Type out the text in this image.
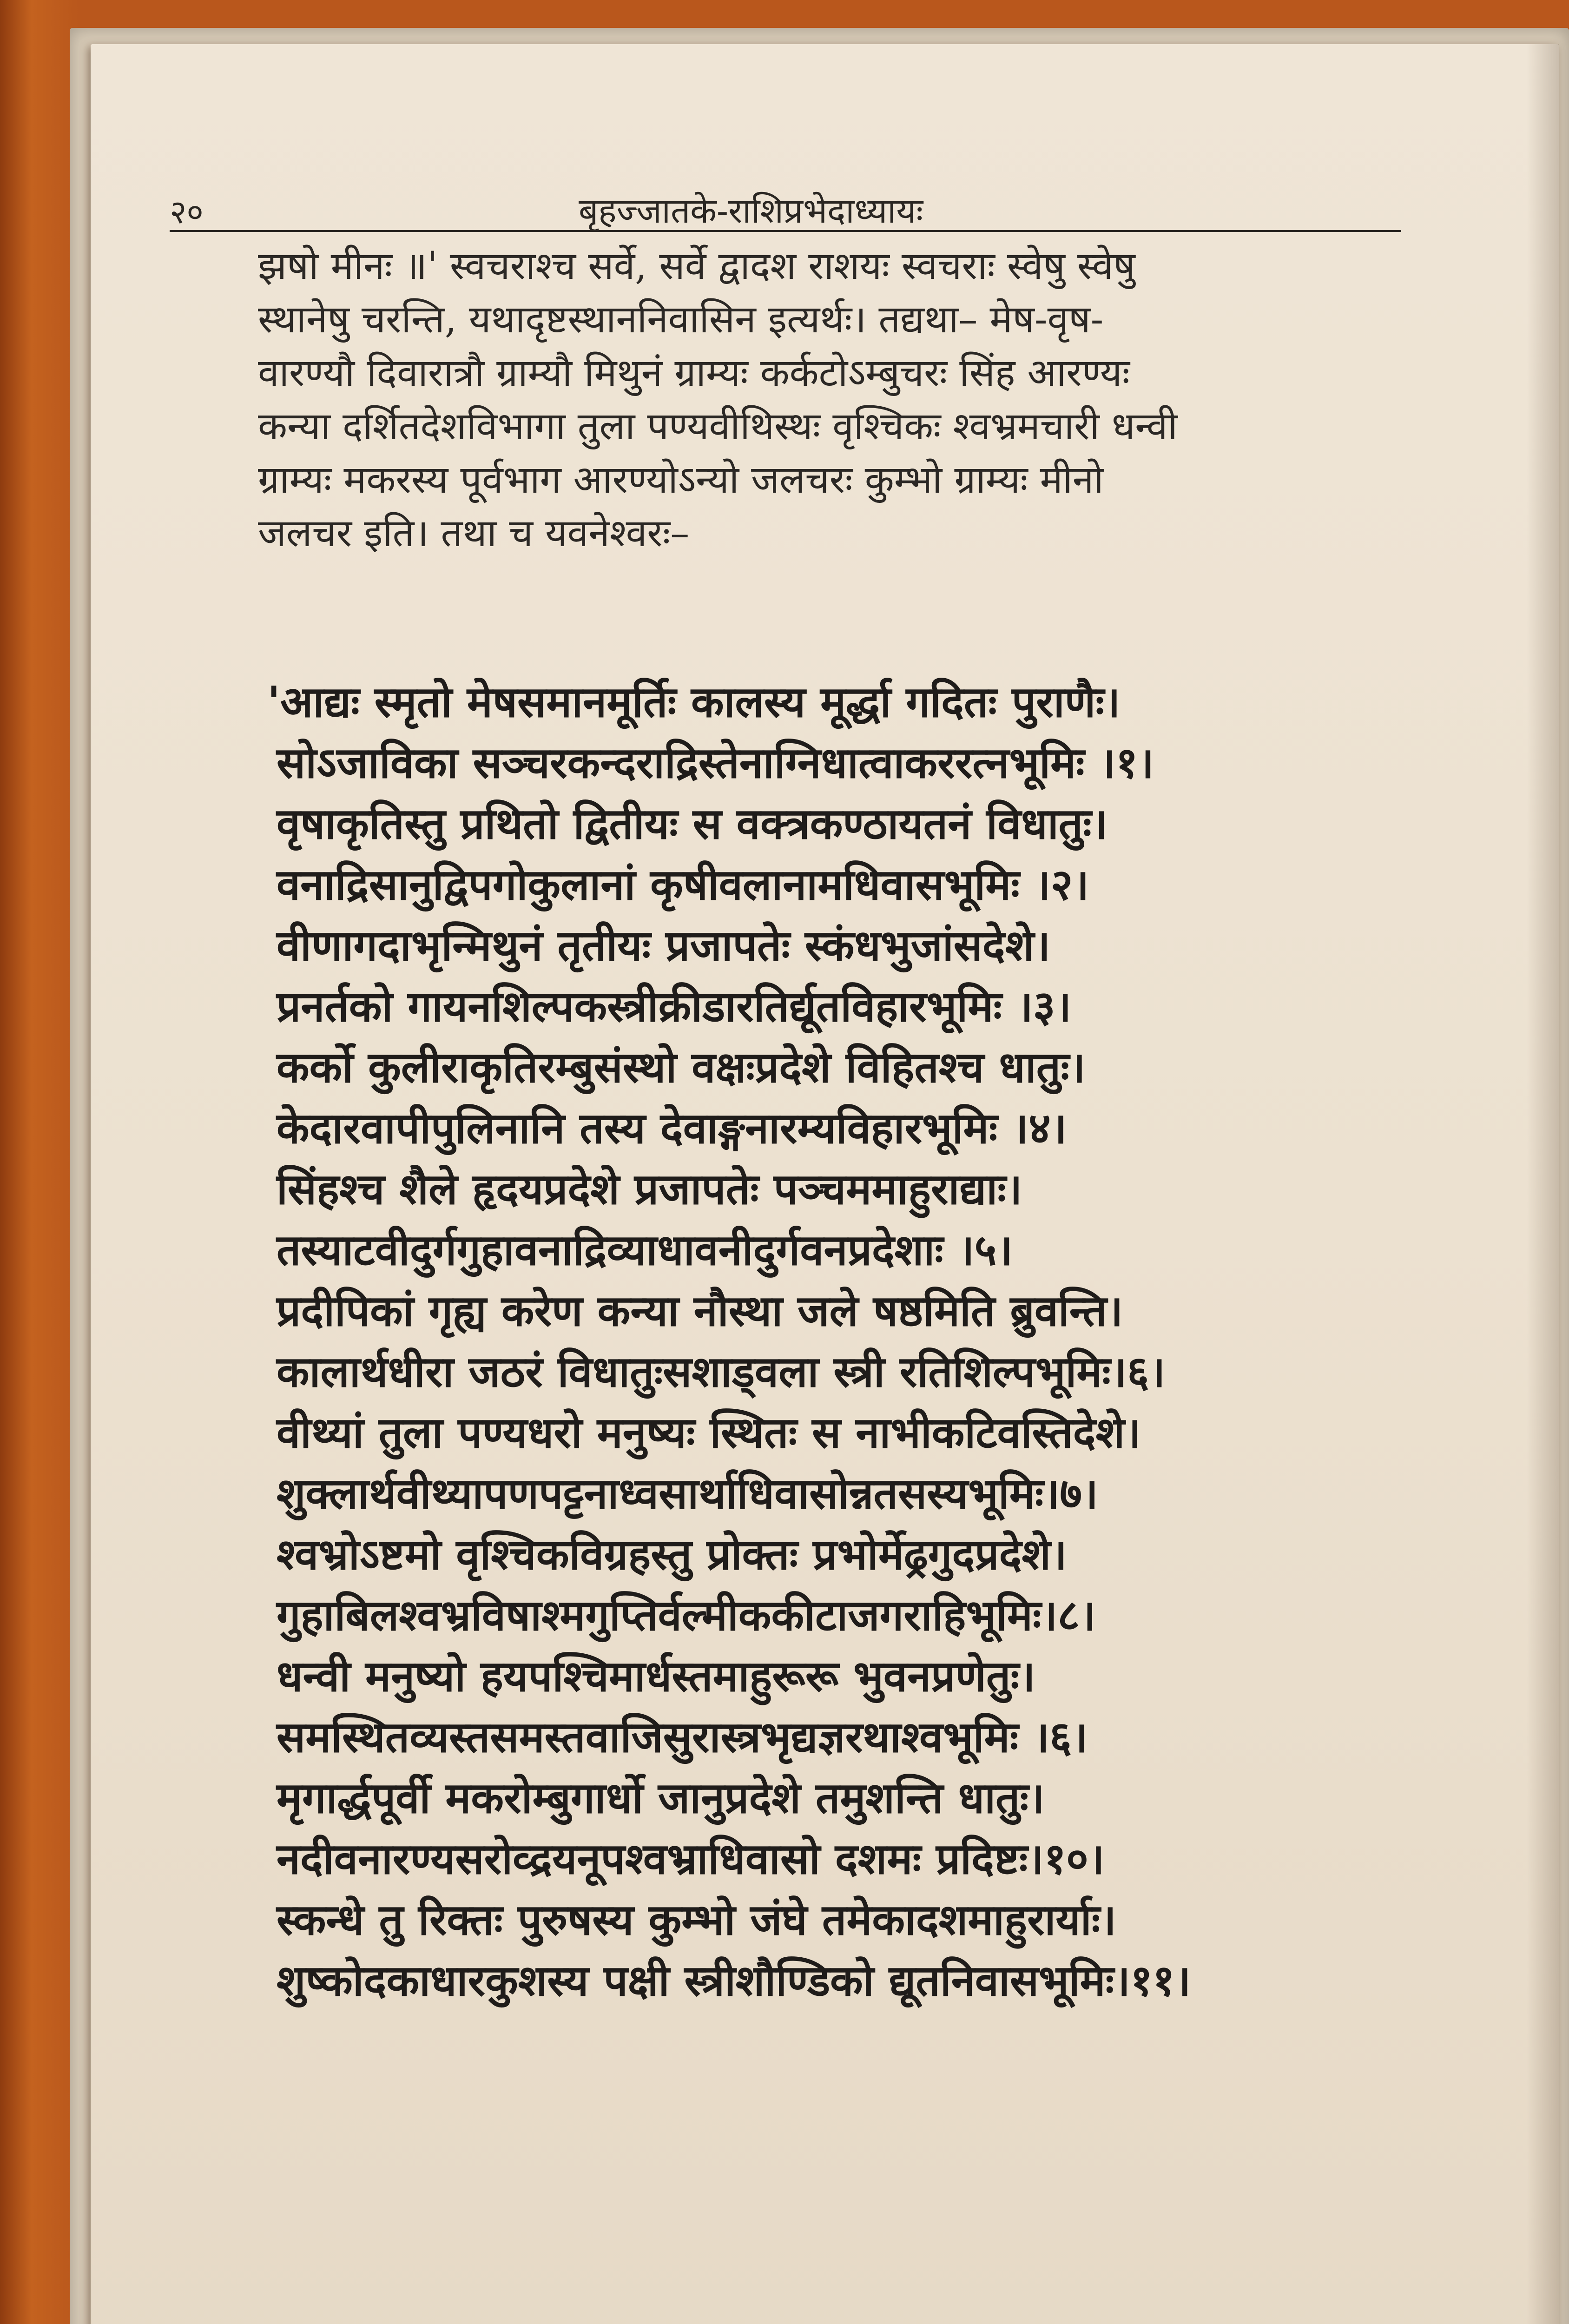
२०	बृहज्जातके-राशिप्रभेदाध्यायः
झषो मीनः ॥' स्वचराश्च सर्वे, सर्वे द्वादश राशयः स्वचराः स्वेषु स्वेषु
स्थानेषु चरन्ति, यथादृष्टस्थाननिवासिन इत्यर्थः। तद्यथा– मेष-वृष-
वारण्यौ दिवारात्रौ ग्राम्यौ मिथुनं ग्राम्यः कर्कटोऽम्बुचरः सिंह आरण्यः
कन्या दर्शितदेशविभागा तुला पण्यवीथिस्थः वृश्चिकः श्वभ्रमचारी धन्वी
ग्राम्यः मकरस्य पूर्वभाग आरण्योऽन्यो जलचरः कुम्भो ग्राम्यः मीनो
जलचर इति। तथा च यवनेश्वरः–
'आद्यः स्मृतो मेषसमानमूर्तिः कालस्य मूर्द्धा गदितः पुराणैः।
सोऽजाविका सञ्चरकन्दराद्रिस्तेनाग्निधात्वाकररत्नभूमिः ।१।
वृषाकृतिस्तु प्रथितो द्वितीयः स वक्त्रकण्ठायतनं विधातुः।
वनाद्रिसानुद्विपगोकुलानां कृषीवलानामधिवासभूमिः ।२।
वीणागदाभृन्मिथुनं तृतीयः प्रजापतेः स्कंधभुजांसदेशे।
प्रनर्तको गायनशिल्पकस्त्रीक्रीडारतिर्द्यूतविहारभूमिः ।३।
कर्को कुलीराकृतिरम्बुसंस्थो वक्षःप्रदेशे विहितश्च धातुः।
केदारवापीपुलिनानि तस्य देवाङ्गनारम्यविहारभूमिः ।४।
सिंहश्च शैले हृदयप्रदेशे प्रजापतेः पञ्चममाहुराद्याः।
तस्याटवीदुर्गगुहावनाद्रिव्याधावनीदुर्गवनप्रदेशाः ।५।
प्रदीपिकां गृह्य करेण कन्या नौस्था जले षष्ठमिति ब्रुवन्ति।
कालार्थधीरा जठरं विधातुःसशाड्वला स्त्री रतिशिल्पभूमिः।६।
वीथ्यां तुला पण्यधरो मनुष्यः स्थितः स नाभीकटिवस्तिदेशे।
शुक्लार्थवीथ्यापणपट्टनाध्वसार्थाधिवासोन्नतसस्यभूमिः।७।
श्वभ्रोऽष्टमो वृश्चिकविग्रहस्तु प्रोक्तः प्रभोर्मेढ्रगुदप्रदेशे।
गुहाबिलश्वभ्रविषाश्मगुप्तिर्वल्मीककीटाजगराहिभूमिः।८।
धन्वी मनुष्यो हयपश्चिमार्धस्तमाहुरूरू भुवनप्रणेतुः।
समस्थितव्यस्तसमस्तवाजिसुरास्त्रभृद्यज्ञरथाश्वभूमिः ।६।
मृगार्द्धपूर्वी मकरोम्बुगार्धो जानुप्रदेशे तमुशन्ति धातुः।
नदीवनारण्यसरोव्द्रयनूपश्वभ्राधिवासो दशमः प्रदिष्टः।१०।
स्कन्धे तु रिक्तः पुरुषस्य कुम्भो जंघे तमेकादशमाहुरार्याः।
शुष्कोदकाधारकुशस्य पक्षी स्त्रीशौण्डिको द्यूतनिवासभूमिः।११।
